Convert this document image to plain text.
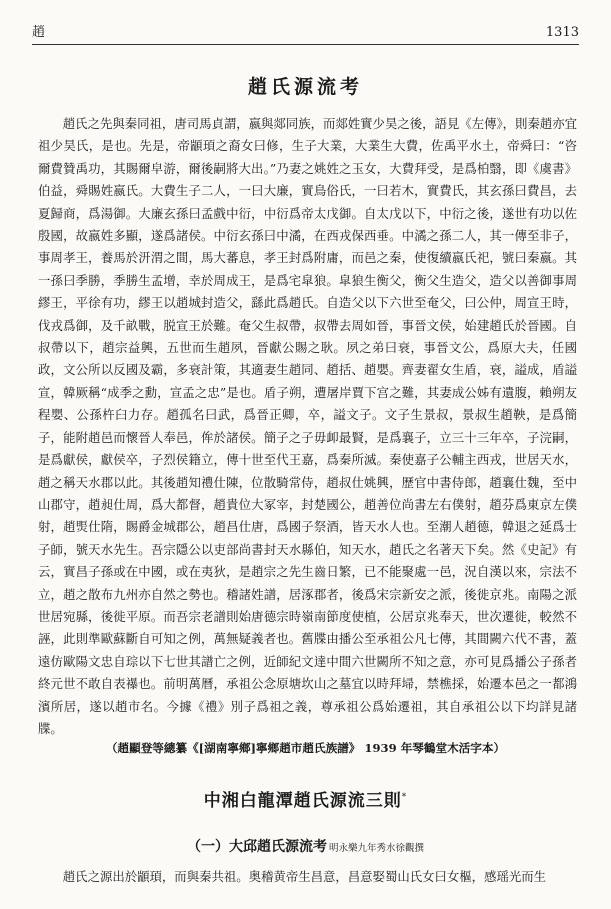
趙	1313
趙氏源流考

趙氏之先與秦同祖，唐司馬貞謂，嬴與郯同族，而郯姓實少昊之後，語見《左傳》，則秦趙亦宜祖少昊氏，是也。先是，帝顓頊之裔女曰修，生子大業，大業生大費，佐禹平水土，帝舜曰：“咨爾費贊禹功，其賜爾皁游，爾後嗣將大出。”乃妻之姚姓之玉女，大費拜受，是爲柏翳，即《虞書》伯益，舜賜姓嬴氏。大費生子二人，一曰大廉，實鳥俗氏，一曰若木，實費氏，其玄孫曰費昌，去夏歸商，爲湯御。大廉玄孫曰孟戲中衍，中衍爲帝太戊御。自太戊以下，中衍之後，遂世有功以佐殷國，故嬴姓多顯，遂爲諸侯。中衍玄孫曰中潏，在西戎保西垂。中潏之孫二人，其一傳至非子，事周孝王，養馬於汧渭之間，馬大蕃息，孝王封爲附庸，而邑之秦，使復續嬴氏祀，號曰秦嬴。其一孫曰季勝，季勝生孟增，幸於周成王，是爲宅皐狼。皐狼生衡父，衡父生造父，造父以善御事周繆王，平徐有功，繆王以趙城封造父，繇此爲趙氏。自造父以下六世至奄父，曰公仲，周宣王時，伐戎爲御，及千畝戰，脱宣王於難。奄父生叔帶，叔帶去周如晉，事晉文侯，始建趙氏於晉國。自叔帶以下，趙宗益興，五世而生趙夙，晉獻公賜之耿。夙之弟曰衰，事晉文公，爲原大夫，任國政，文公所以反國及霸，多衰計策，其適妻生趙同、趙括、趙嬰。齊妻翟女生盾，衰，謚成，盾謚宣，韓厥稱“成季之勳，宣孟之忠”是也。盾子朔，遭屠岸賈下宫之難，其妻成公姊有遺腹，賴朔友程嬰、公孫杵臼力存。趙孤名曰武，爲晉正卿，卒，謚文子。文子生景叔，景叔生趙鞅，是爲簡子，能附趙邑而懷晉人奉邑，侔於諸侯。簡子之子毋卹最賢，是爲襄子，立三十三年卒，子浣嗣，是爲獻侯，獻侯卒，子烈侯籍立，傳十世至代王嘉，爲秦所滅。秦使嘉子公輔主西戎，世居天水，趙之稱天水郡以此。其後趙知禮仕陳，位散騎常侍，趙叔仕姚興，歷官中書侍郎，趙襄仕魏，至中山郡守，趙昶仕周，爲大都督，趙貴位大冢宰，封楚國公，趙善位尚書左右僕射，趙芬爲東京左僕射，趙煚仕隋，賜爵金城郡公，趙昌仕唐，爲國子祭酒，皆天水人也。至潮人趙德，韓退之延爲士子師，號天水先生。吾宗隱公以吏部尚書封天水縣伯，知天水，趙氏之名著天下矣。然《史記》有云，實昌子孫或在中國，或在夷狄，是趙宗之先生齒日繁，已不能聚處一邑，況自漢以來，宗法不立，趙之散布九州亦自然之勢也。稽諸姓譜，居涿郡者，後爲宋宗新安之派，後徙京兆。南陽之派世居宛縣，後徙平原。而吾宗老譜則始唐德宗時嶺南節度使植，公居京兆奉天，世次遷徙，較然不誣，此則準歐蘇斷自可知之例，萬無疑義者也。舊牒由播公至承祖公凡七傳，其間闕六代不書，蓋遠仿歐陽文忠自琮以下七世其譜亡之例，近師紀文達中間六世闕所不知之意，亦可見爲播公子孫者終元世不敢自表襮也。前明萬曆，承祖公念原塘坎山之墓宜以時拜埽，禁樵採，始遷本邑之一都鴻濱所居，遂以趙市名。今據《禮》別子爲祖之義，尊承祖公爲始遷祖，其自承祖公以下均詳見諸牒。

（趙顯登等總纂《[湖南寧鄉]寧鄉趙市趙氏族譜》 1939 年琴鶴堂木活字本）
中湘白龍潭趙氏源流三則*
（一）大邱趙氏源流考 明永樂九年秀水徐觀撰
趙氏之源出於顓頊，而與秦共祖。奥稽黄帝生昌意，昌意娶蜀山氏女曰女樞，感瑶光而生
